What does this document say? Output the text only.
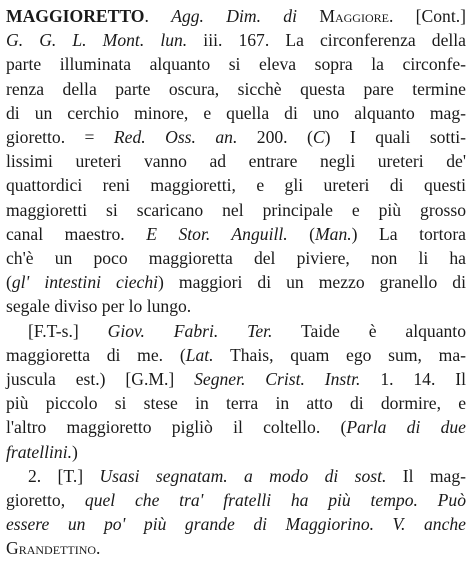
MAGGIORETTO. Agg. Dim. di Maggiore. [Cont.]
G. G. L. Mont. lun. iii. 167. La circonferenza della
parte illuminata alquanto si eleva sopra la circonfe-
renza della parte oscura, sicchè questa pare termine
di un cerchio minore, e quella di uno alquanto mag-
gioretto. = Red. Oss. an. 200. (C) I quali sotti-
lissimi ureteri vanno ad entrare negli ureteri de'
quattordici reni maggioretti, e gli ureteri di questi
maggioretti si scaricano nel principale e più grosso
canal maestro. E Stor. Anguill. (Man.) La tortora
ch'è un poco maggioretta del piviere, non li ha
(gl' intestini ciechi) maggiori di un mezzo granello di
segale diviso per lo lungo.
[F.T-s.] Giov. Fabri. Ter. Taide è alquanto
maggioretta di me. (Lat. Thais, quam ego sum, ma-
juscula est.) [G.M.] Segner. Crist. Instr. 1. 14. Il
più piccolo si stese in terra in atto di dormire, e
l'altro maggioretto pigliò il coltello. (Parla di due
fratellini.)
2. [T.] Usasi segnatam. a modo di sost. Il mag-
gioretto, quel che tra' fratelli ha più tempo. Può
essere un po' più grande di Maggiorino. V. anche
Grandettino.
